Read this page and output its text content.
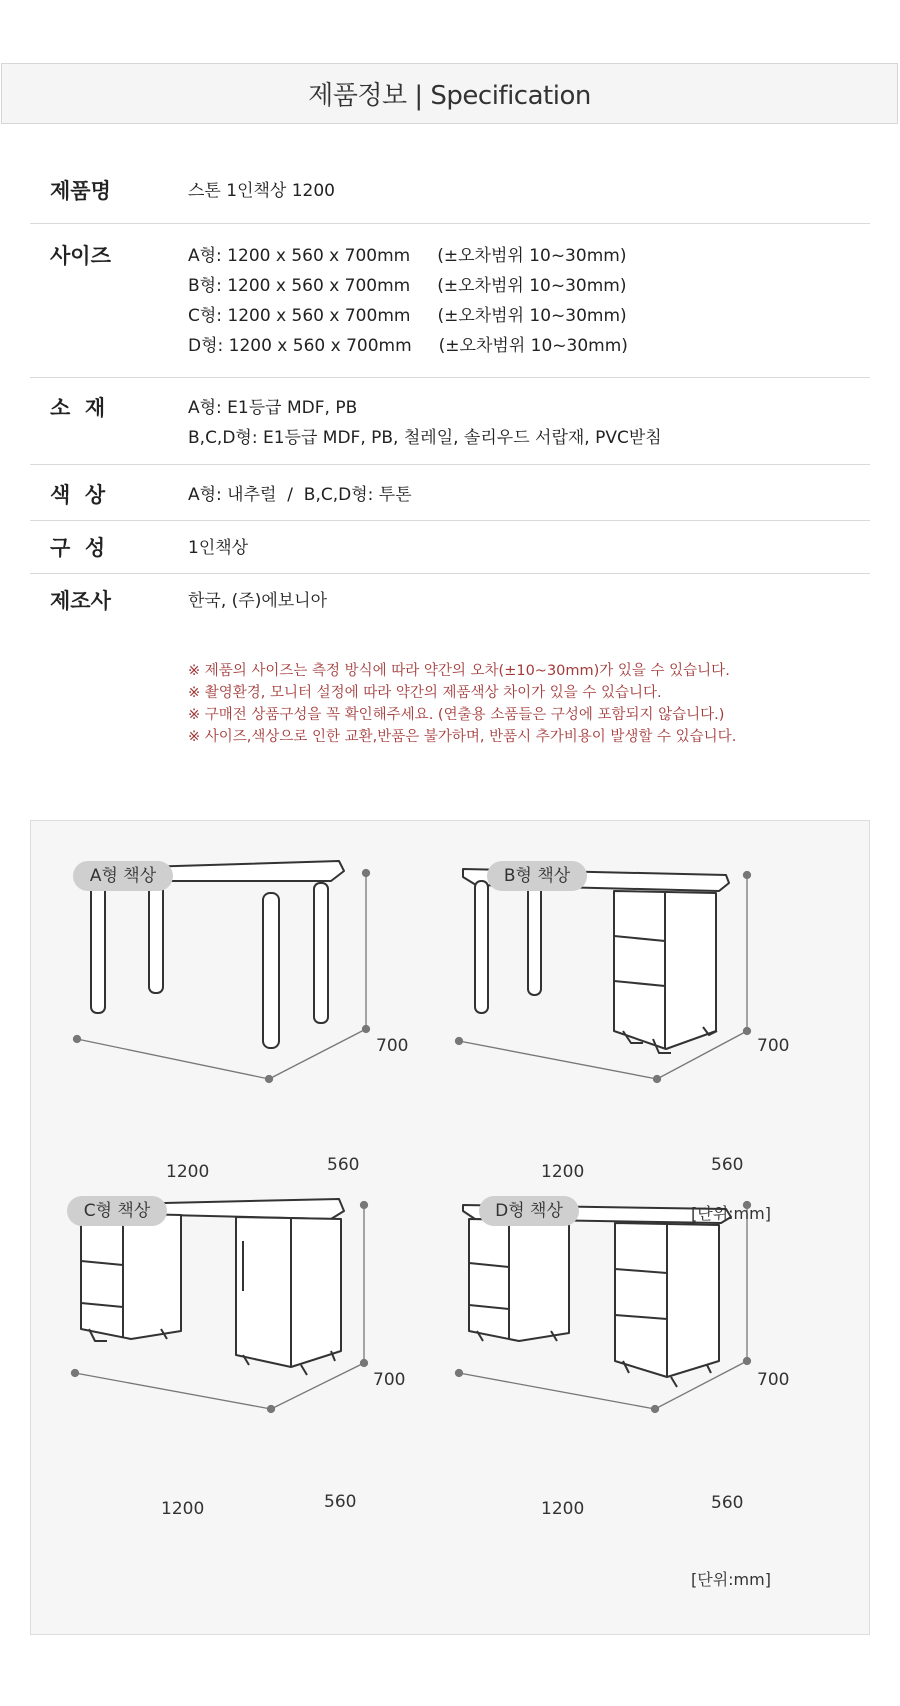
제품정보 | Specification
제품명	스톤 1인책상 1200
사이즈	A형: 1200 x 560 x 700mm     (±오차범위 10~30mm)
B형: 1200 x 560 x 700mm     (±오차범위 10~30mm)
C형: 1200 x 560 x 700mm     (±오차범위 10~30mm)
D형: 1200 x 560 x 700mm     (±오차범위 10~30mm)
소  재	A형: E1등급 MDF, PB
B,C,D형: E1등급 MDF, PB, 철레일, 솔리우드 서랍재, PVC받침
색  상	A형: 내추럴  /  B,C,D형: 투톤
구  성	1인책상
제조사	한국, (주)에보니아
※ 제품의 사이즈는 측정 방식에 따라 약간의 오차(±10~30mm)가 있을 수 있습니다.
※ 촬영환경, 모니터 설정에 따라 약간의 제품색상 차이가 있을 수 있습니다.
※ 구매전 상품구성을 꼭 확인해주세요. (연출용 소품들은 구성에 포함되지 않습니다.)
※ 사이즈,색상으로 인한 교환,반품은 불가하며, 반품시 추가비용이 발생할 수 있습니다.
A형 책상	B형 책상
C형 책상	D형 책상
700
1200	560
700
1200	560
[단위:mm]
700
1200	560
700
1200	560
[단위:mm]
